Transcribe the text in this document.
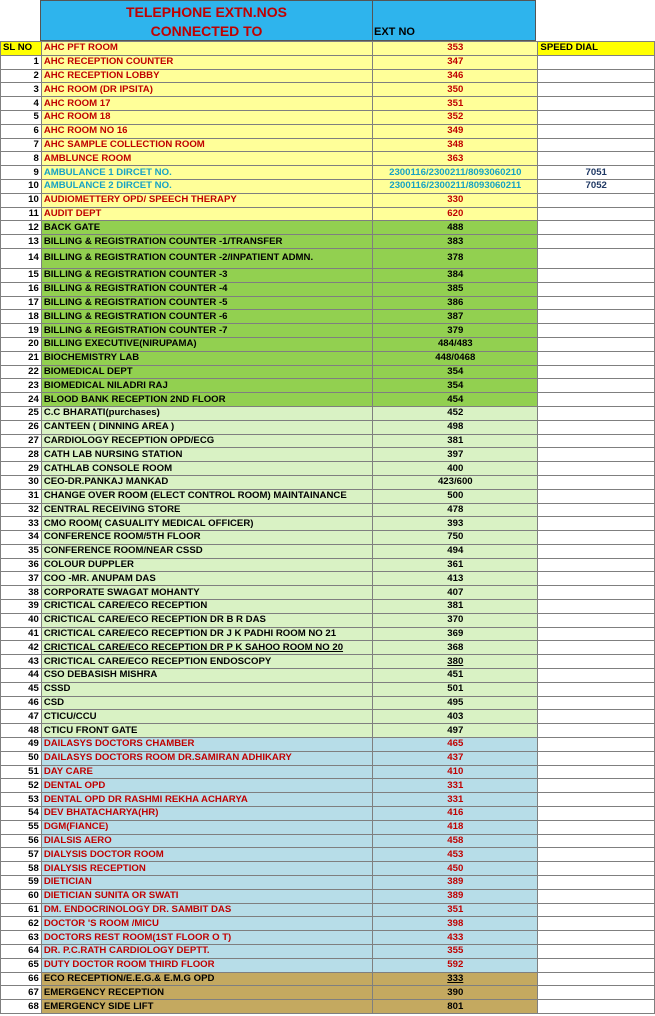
TELEPHONE EXTN.NOS
CONNECTED TO	EXT NO
SL NO	AHC PFT ROOM	353	SPEED DIAL
1	AHC RECEPTION COUNTER	347	
2	AHC RECEPTION LOBBY	346	
3	AHC ROOM (DR IPSITA)	350	
4	AHC ROOM 17	351	
5	AHC ROOM 18	352	
6	AHC ROOM NO 16	349	
7	AHC SAMPLE COLLECTION ROOM	348	
8	AMBLUNCE ROOM	363	
9	AMBULANCE 1 DIRCET NO.	2300116/2300211/8093060210	7051
10	AMBULANCE 2 DIRCET NO.	2300116/2300211/8093060211	7052
10	AUDIOMETTERY OPD/ SPEECH THERAPY	330	
11	AUDIT DEPT	620	
12	BACK GATE	488	
13	BILLING & REGISTRATION COUNTER -1/TRANSFER	383	
14	BILLING & REGISTRATION COUNTER -2/INPATIENT ADMN.	378	
15	BILLING & REGISTRATION COUNTER -3	384	
16	BILLING & REGISTRATION COUNTER -4	385	
17	BILLING & REGISTRATION COUNTER -5	386	
18	BILLING & REGISTRATION COUNTER -6	387	
19	BILLING & REGISTRATION COUNTER -7	379	
20	BILLING EXECUTIVE(NIRUPAMA)	484/483	
21	BIOCHEMISTRY LAB	448/0468	
22	BIOMEDICAL DEPT	354	
23	BIOMEDICAL NILADRI RAJ	354	
24	BLOOD BANK RECEPTION 2ND FLOOR	454	
25	C.C BHARATI(purchases)	452	
26	CANTEEN ( DINNING AREA )	498	
27	CARDIOLOGY RECEPTION OPD/ECG	381	
28	CATH LAB NURSING STATION	397	
29	CATHLAB CONSOLE ROOM	400	
30	CEO-DR.PANKAJ MANKAD	423/600	
31	CHANGE OVER ROOM (ELECT CONTROL ROOM) MAINTAINANCE	500	
32	CENTRAL RECEIVING STORE	478	
33	CMO ROOM( CASUALITY MEDICAL OFFICER)	393	
34	CONFERENCE ROOM/5TH FLOOR	750	
35	CONFERENCE ROOM/NEAR CSSD	494	
36	COLOUR DUPPLER	361	
37	COO -MR. ANUPAM DAS	413	
38	CORPORATE SWAGAT MOHANTY	407	
39	CRICTICAL CARE/ECO RECEPTION	381	
40	CRICTICAL CARE/ECO RECEPTION DR B R DAS	370	
41	CRICTICAL CARE/ECO RECEPTION DR J K PADHI ROOM NO 21	369	
42	CRICTICAL CARE/ECO RECEPTION DR P K SAHOO ROOM NO 20	368	
43	CRICTICAL CARE/ECO RECEPTION ENDOSCOPY	380	
44	CSO DEBASISH MISHRA	451	
45	CSSD	501	
46	CSD	495	
47	CTICU/CCU	403	
48	CTICU FRONT GATE	497	
49	DAILASYS DOCTORS CHAMBER	465	
50	DAILASYS DOCTORS ROOM DR.SAMIRAN ADHIKARY	437	
51	DAY CARE	410	
52	DENTAL OPD	331	
53	DENTAL OPD DR RASHMI REKHA ACHARYA	331	
54	DEV BHATACHARYA(HR)	416	
55	DGM(FIANCE)	418	
56	DIALSIS AERO	458	
57	DIALYSIS DOCTOR ROOM	453	
58	DIALYSIS RECEPTION	450	
59	DIETICIAN	389	
60	DIETICIAN SUNITA OR SWATI	389	
61	DM. ENDOCRINOLOGY DR. SAMBIT DAS	351	
62	DOCTOR 'S ROOM /MICU	398	
63	DOCTORS REST ROOM(1ST FLOOR O T)	433	
64	DR. P.C.RATH CARDIOLOGY DEPTT.	355	
65	DUTY DOCTOR ROOM THIRD FLOOR	592	
66	ECO RECEPTION/E.E.G.& E.M.G OPD	333	
67	EMERGENCY RECEPTION	390	
68	EMERGENCY SIDE LIFT	801	
